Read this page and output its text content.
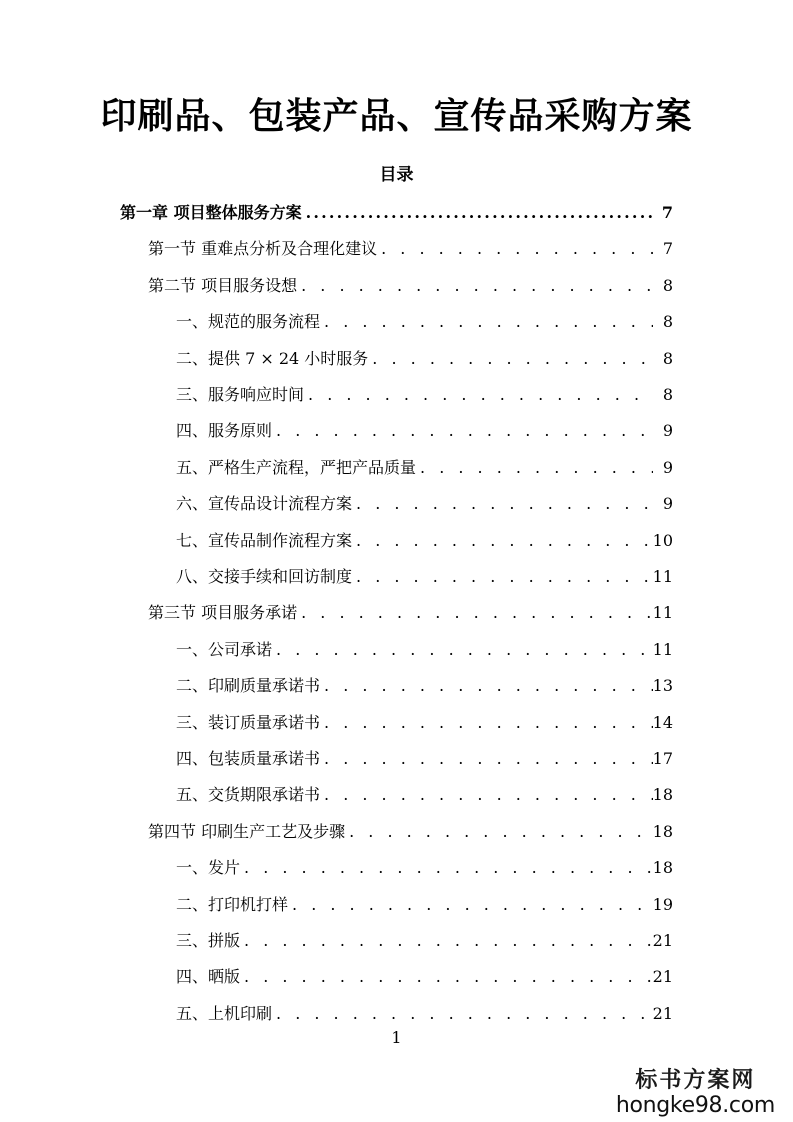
印刷品、包装产品、宣传品采购方案
目录
第一章 项目整体服务方案 .....	7
第一节 重难点分析及合理化建议 . . .	7
第二节 项目服务设想 . . .	8
一、规范的服务流程 . . .	8
二、提供 7 × 24 小时服务 . . .	8
三、服务响应时间 . . .	8
四、服务原则 . . .	9
五、严格生产流程，严把产品质量 . . .	9
六、宣传品设计流程方案 . . .	9
七、宣传品制作流程方案 . . .	10
八、交接手续和回访制度 . . .	11
第三节 项目服务承诺 . . .	11
一、公司承诺 . . .	11
二、印刷质量承诺书 . . .	13
三、装订质量承诺书 . . .	14
四、包装质量承诺书 . . .	17
五、交货期限承诺书 . . .	18
第四节 印刷生产工艺及步骤 . . .	18
一、发片 . . .	18
二、打印机打样 . . .	19
三、拼版 . . .	21
四、晒版 . . .	21
五、上机印刷 . . .	21
1
标书方案网
hongke98.com
